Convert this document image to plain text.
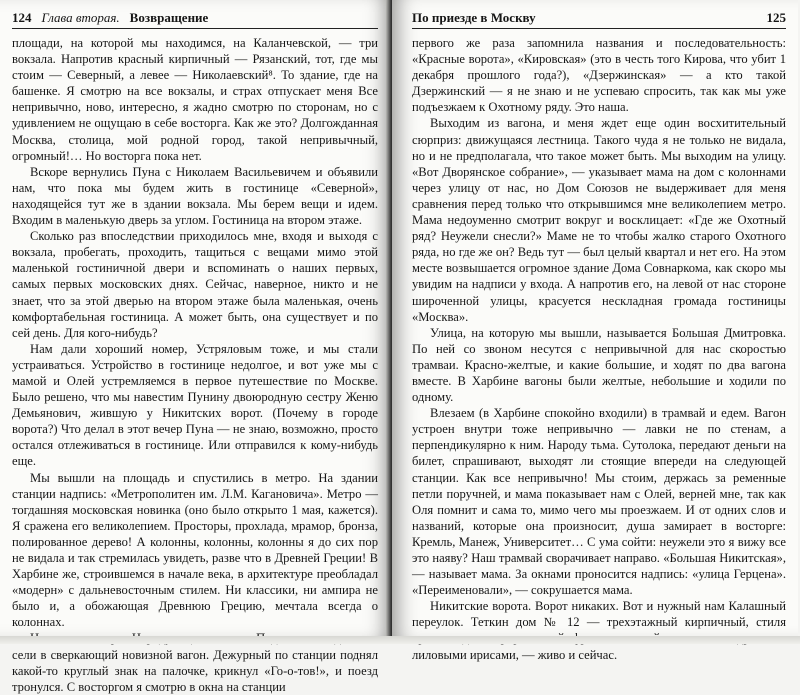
124 Глава вторая. Возвращение

площади, на которой мы находимся, на Каланчевской, — три вокзала. Напротив красный кирпичный — Рязанский, тот, где мы стоим — Северный, а левее — Николаевский⁸. То здание, где на башенке. Я смотрю на все вокзалы, и страх отпускает меня Все непривычно, ново, интересно, я жадно смотрю по сторонам, но с удивлением не ощущаю в себе восторга. Как же это? Долгожданная Москва, столица, мой родной город, такой непривычный, огромный!… Но восторга пока нет.

Вскоре вернулись Пуна с Николаем Васильевичем и объявили нам, что пока мы будем жить в гостинице «Северной», находящейся тут же в здании вокзала. Мы берем вещи и идем. Входим в маленькую дверь за углом. Гостиница на втором этаже.

Сколько раз впоследствии приходилось мне, входя и выходя с вокзала, пробегать, проходить, тащиться с вещами мимо этой маленькой гостиничной двери и вспоминать о наших первых, самых первых московских днях. Сейчас, наверное, никто и не знает, что за этой дверью на втором этаже была маленькая, очень комфортабельная гостиница. А может быть, она существует и по сей день. Для кого-нибудь?

Нам дали хороший номер, Устряловым тоже, и мы стали устраиваться. Устройство в гостинице недолгое, и вот уже мы с мамой и Олей устремляемся в первое путешествие по Москве. Было решено, что мы навестим Пунину двоюродную сестру Женю Демьянович, жившую у Никитских ворот. (Почему в городе ворота?) Что делал в этот вечер Пуна — не знаю, возможно, просто остался отлеживаться в гостинице. Или отправился к кому-нибудь еще.

Мы вышли на площадь и спустились в метро. На здании станции надпись: «Метрополитен им. Л.М. Кагановича». Метро — тогдашняя московская новинка (оно было открыто 1 мая, кажется). Я сражена его великолепием. Просторы, прохлада, мрамор, бронза, полированное дерево! А колонны, колонны, колонны я до сих пор не видала и так стремилась увидеть, разве что в Древней Греции! В Харбине же, строившемся в начале века, в архитектуре преобладал «модерн» с дальневосточным стилем. Ни классики, ни ампира не было и, а обожающая Древнюю Грецию, мечтала всегда о колоннах.

сели в сверкающий новизной вагон. Дежурный по станции поднял какой-то круглый знак на палочке, крикнул «Го-о-тов!», и поезд тронулся. С восторгом я смотрю в окна на станции

По приезде в Москву	125

первого же раза запомнила названия и последовательность: «Красные ворота», «Кировская» (это в честь того Кирова, что убит 1 декабря прошлого года?), «Дзержинская» — а кто такой Дзержинский — я не знаю и не успеваю спросить, так как мы уже подъезжаем к Охотному ряду. Это наша.

Выходим из вагона, и меня ждет еще один восхитительный сюрприз: движущаяся лестница. Такого чуда я не только не видала, но и не предполагала, что такое может быть. Мы выходим на улицу. «Вот Дворянское собрание», — указывает мама на дом с колоннами через улицу от нас, но Дом Союзов не выдерживает для меня сравнения перед только что открывшимся мне великолепием метро. Мама недоуменно смотрит вокруг и восклицает: «Где же Охотный ряд? Неужели снесли?» Маме не то чтобы жалко старого Охотного ряда, но где же он? Ведь тут — был целый квартал и нет его. На этом месте возвышается огромное здание Дома Совнаркома, как скоро мы увидим на надписи у входа. А напротив его, на левой от нас стороне широченной улицы, красуется нескладная громада гостиницы «Москва».

Улица, на которую мы вышли, называется Большая Дмитровка. По ней со звоном несутся с непривычной для нас скоростью трамваи. Красно-желтые, и какие большие, и ходят по два вагона вместе. В Харбине вагоны были желтые, небольшие и ходили по одному.

Влезаем (в Харбине спокойно входили) в трамвай и едем. Вагон устроен внутри тоже непривычно — лавки не по стенам, а перпендикулярно к ним. Народу тьма. Сутолока, передают деньги на билет, спрашивают, выходят ли стоящие впереди на следующей станции. Как все непривычно! Мы стоим, держась за ременные петли поручней, и мама показывает нам с Олей, верней мне, так как Оля помнит и сама то, мимо чего мы проезжаем. И от одних слов и названий, которые она произносит, душа замирает в восторге: Кремль, Манеж, Университет… С ума сойти: неужели это я вижу все это наяву? Наш трамвай сворачивает направо. «Большая Никитская», — называет мама. За окнами проносится надпись: «улица Герцена». «Переименовали», — сокрушается мама.

Никитские ворота. Ворот никаких. Вот и нужный нам Калашный переулок. Теткин дом № 12 — трехэтажный кирпичный, стиля лиловыми ирисами, — живо и сейчас.
